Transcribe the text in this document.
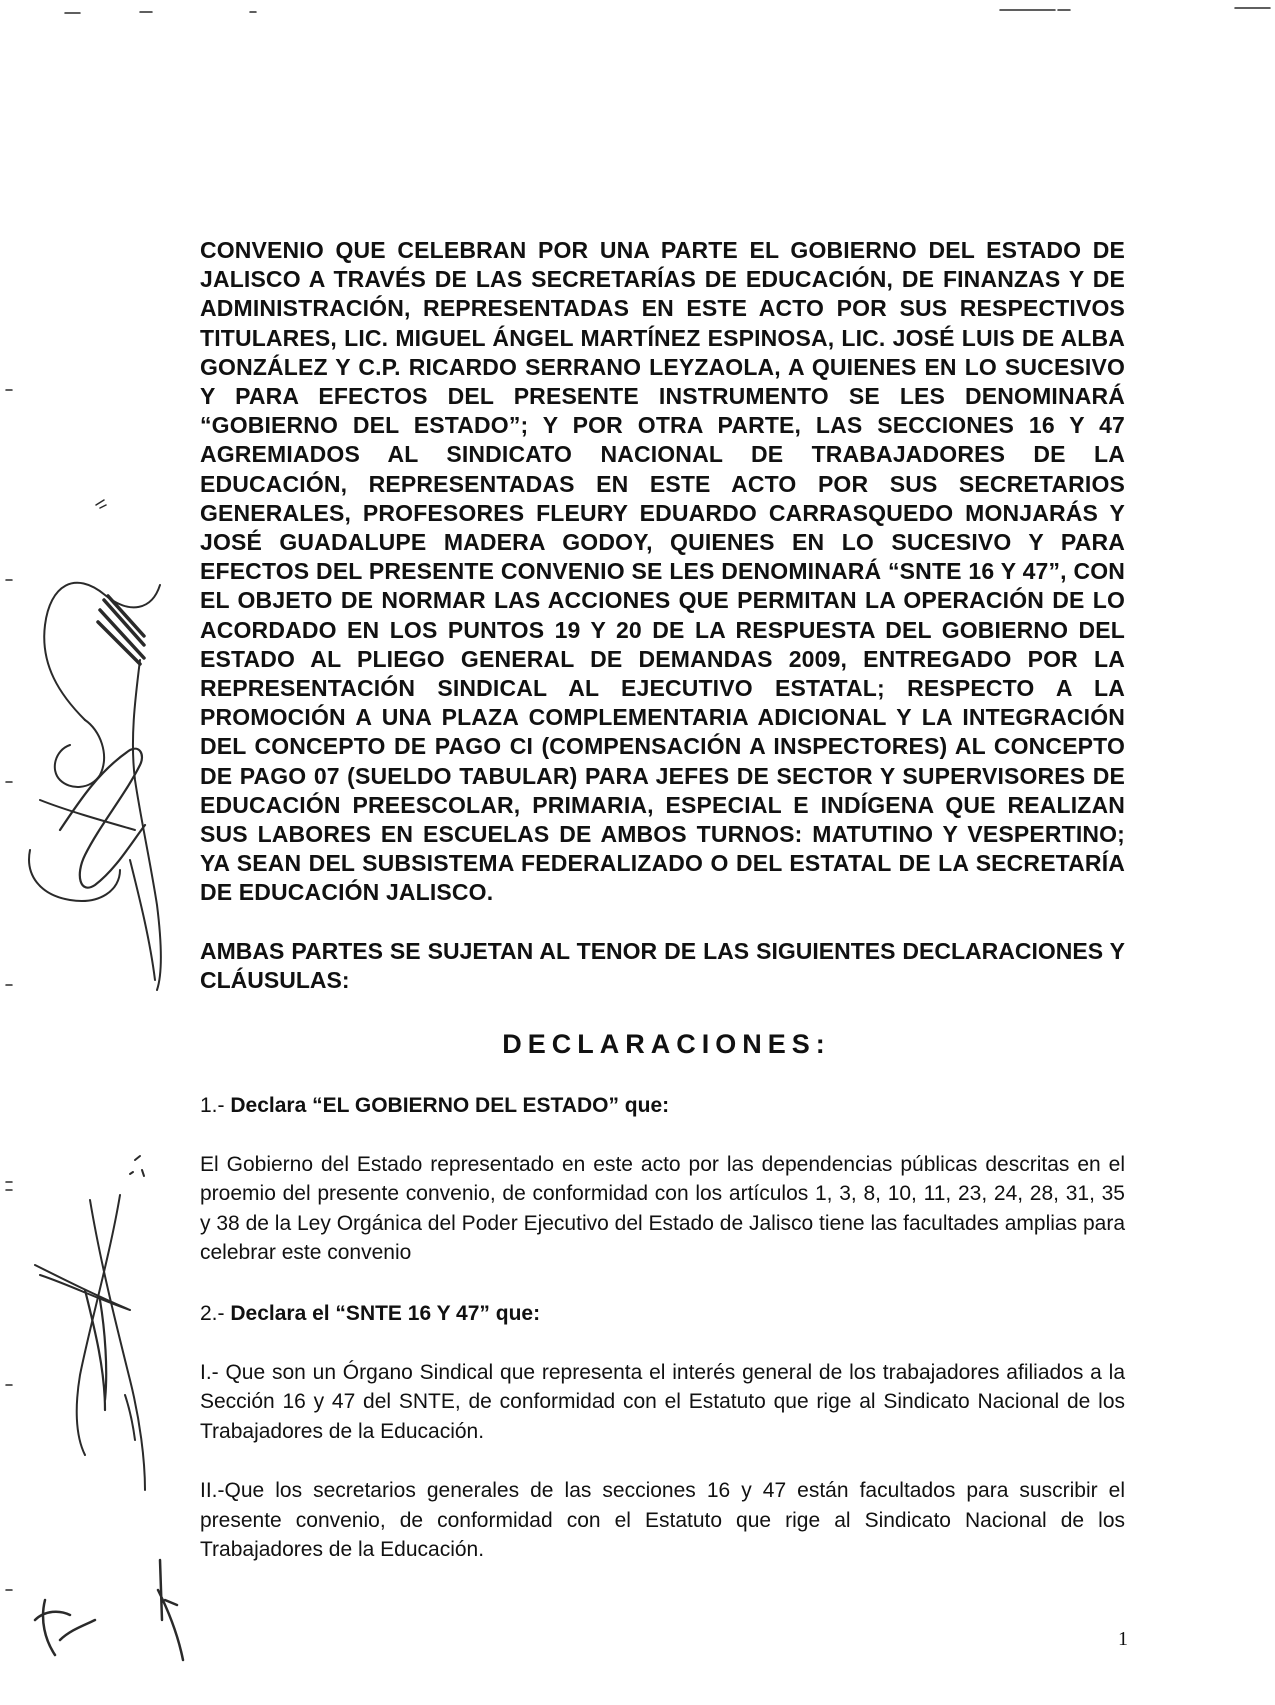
CONVENIO QUE CELEBRAN POR UNA PARTE EL GOBIERNO DEL ESTADO DE JALISCO A TRAVÉS DE LAS SECRETARÍAS DE EDUCACIÓN, DE FINANZAS Y DE ADMINISTRACIÓN, REPRESENTADAS EN ESTE ACTO POR SUS RESPECTIVOS TITULARES, LIC. MIGUEL ÁNGEL MARTÍNEZ ESPINOSA, LIC. JOSÉ LUIS DE ALBA GONZÁLEZ Y C.P. RICARDO SERRANO LEYZAOLA, A QUIENES EN LO SUCESIVO Y PARA EFECTOS DEL PRESENTE INSTRUMENTO SE LES DENOMINARÁ “GOBIERNO DEL ESTADO”; Y POR OTRA PARTE, LAS SECCIONES 16 Y 47 AGREMIADOS AL SINDICATO NACIONAL DE TRABAJADORES DE LA EDUCACIÓN, REPRESENTADAS EN ESTE ACTO POR SUS SECRETARIOS GENERALES, PROFESORES FLEURY EDUARDO CARRASQUEDO MONJARÁS Y JOSÉ GUADALUPE MADERA GODOY, QUIENES EN LO SUCESIVO Y PARA EFECTOS DEL PRESENTE CONVENIO SE LES DENOMINARÁ “SNTE 16 Y 47”, CON EL OBJETO DE NORMAR LAS ACCIONES QUE PERMITAN LA OPERACIÓN DE LO ACORDADO EN LOS PUNTOS 19 Y 20 DE LA RESPUESTA DEL GOBIERNO DEL ESTADO AL PLIEGO GENERAL DE DEMANDAS 2009, ENTREGADO POR LA REPRESENTACIÓN SINDICAL AL EJECUTIVO ESTATAL; RESPECTO A LA PROMOCIÓN A UNA PLAZA COMPLEMENTARIA ADICIONAL Y LA INTEGRACIÓN DEL CONCEPTO DE PAGO CI (COMPENSACIÓN A INSPECTORES) AL CONCEPTO DE PAGO 07 (SUELDO TABULAR) PARA JEFES DE SECTOR Y SUPERVISORES DE EDUCACIÓN PREESCOLAR, PRIMARIA, ESPECIAL E INDÍGENA QUE REALIZAN SUS LABORES EN ESCUELAS DE AMBOS TURNOS: MATUTINO Y VESPERTINO; YA SEAN DEL SUBSISTEMA FEDERALIZADO O DEL ESTATAL DE LA SECRETARÍA DE EDUCACIÓN JALISCO.

AMBAS PARTES SE SUJETAN AL TENOR DE LAS SIGUIENTES DECLARACIONES Y CLÁUSULAS:

DECLARACIONES:
1.- Declara “EL GOBIERNO DEL ESTADO” que:

El Gobierno del Estado representado en este acto por las dependencias públicas descritas en el proemio del presente convenio, de conformidad con los artículos 1, 3, 8, 10, 11, 23, 24, 28, 31, 35 y 38 de la Ley Orgánica del Poder Ejecutivo del Estado de Jalisco tiene las facultades amplias para celebrar este convenio

2.- Declara el “SNTE 16 Y 47” que:

I.- Que son un Órgano Sindical que representa el interés general de los trabajadores afiliados a la Sección 16 y 47 del SNTE, de conformidad con el Estatuto que rige al Sindicato Nacional de los Trabajadores de la Educación.

II.-Que los secretarios generales de las secciones 16 y 47 están facultados para suscribir el presente convenio, de conformidad con el Estatuto que rige al Sindicato Nacional de los Trabajadores de la Educación.

1
